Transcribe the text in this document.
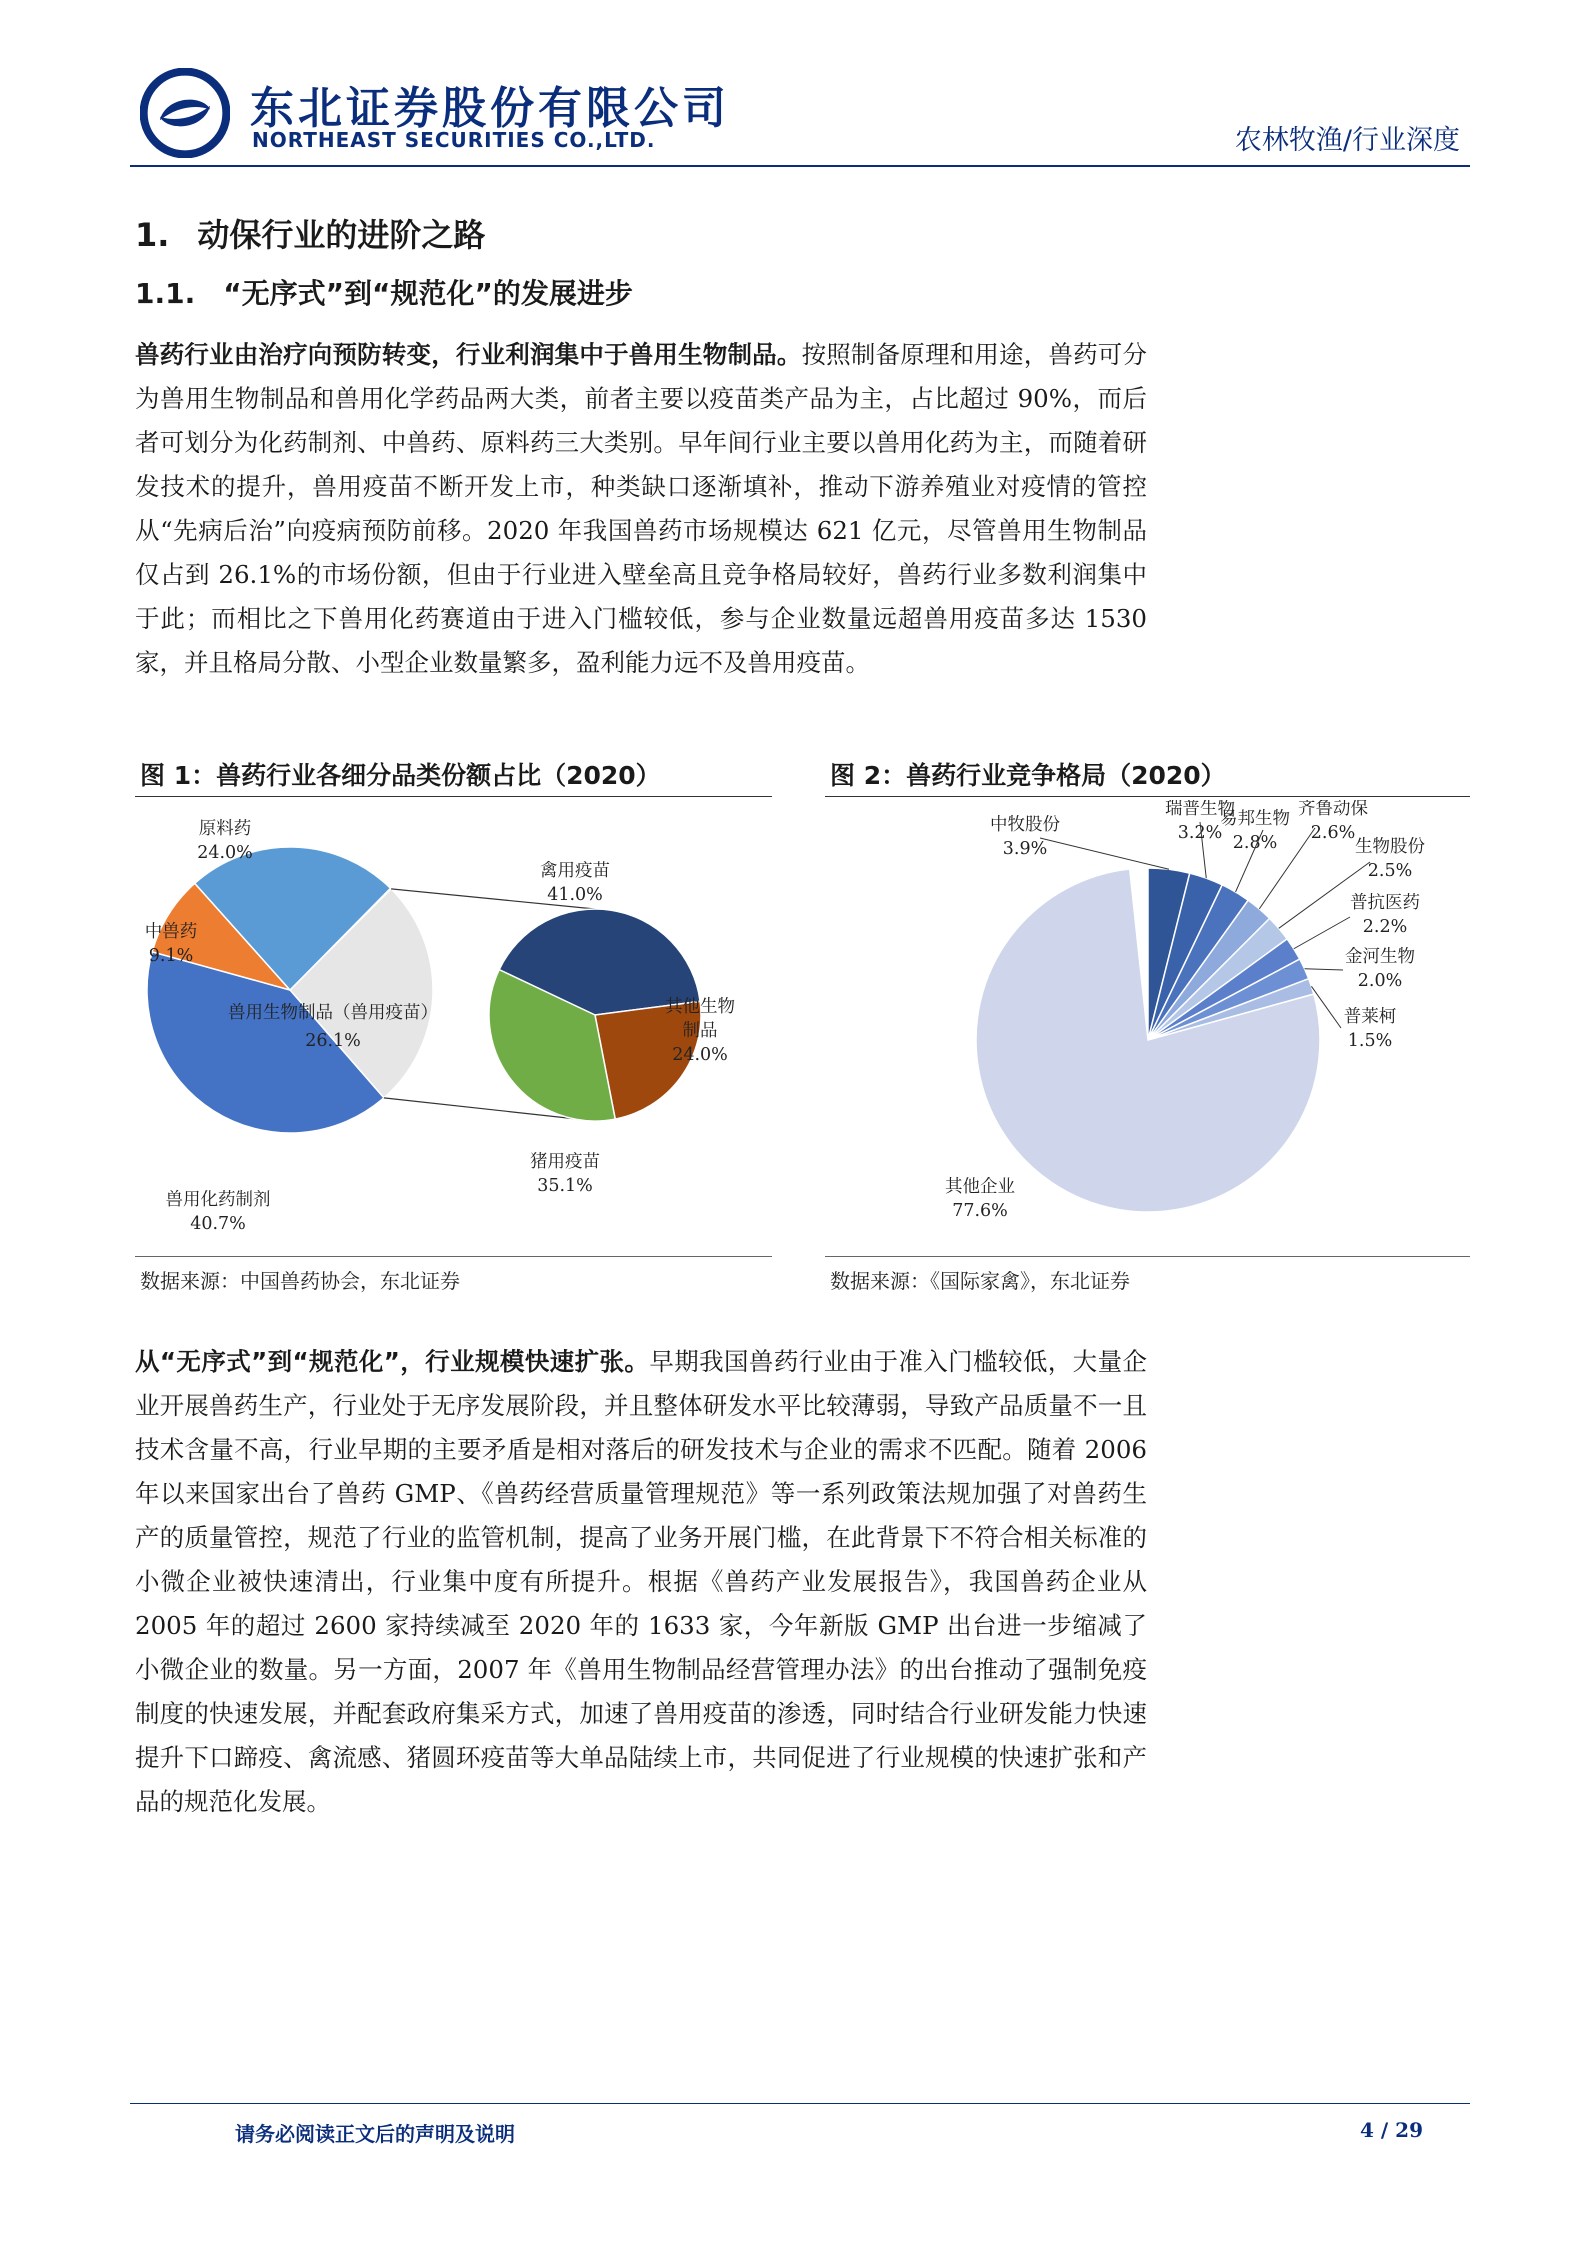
东北证券股份有限公司
NORTHEAST SECURITIES CO.,LTD.	农林牧渔/行业深度
1. 动保行业的进阶之路
1.1. “无序式”到“规范化”的发展进步
兽药行业由治疗向预防转变，行业利润集中于兽用生物制品。按照制备原理和用途，兽药可分为兽用生物制品和兽用化学药品两大类，前者主要以疫苗类产品为主，占比超过 90%，而后者可划分为化药制剂、中兽药、原料药三大类别。早年间行业主要以兽用化药为主，而随着研发技术的提升，兽用疫苗不断开发上市，种类缺口逐渐填补，推动下游养殖业对疫情的管控从“先病后治”向疫病预防前移。2020 年我国兽药市场规模达 621 亿元，尽管兽用生物制品仅占到 26.1%的市场份额，但由于行业进入壁垒高且竞争格局较好，兽药行业多数利润集中于此；而相比之下兽用化药赛道由于进入门槛较低，参与企业数量远超兽用疫苗多达 1530 家，并且格局分散、小型企业数量繁多，盈利能力远不及兽用疫苗。
图 1：兽药行业各细分品类份额占比（2020）
原料药
24.0%
中兽药
9.1%
兽用化药制剂
40.7%
兽用生物制品（兽用疫苗）
26.1%
禽用疫苗
41.0%
其他生物
制品
24.0%
猪用疫苗
35.1%
数据来源：中国兽药协会，东北证券
图 2：兽药行业竞争格局（2020）
中牧股份
3.9%
瑞普生物
3.2%
易邦生物
2.8%
齐鲁动保
2.6%
生物股份
2.5%
普抗医药
2.2%
金河生物
2.0%
普莱柯
1.5%
其他企业
77.6%
数据来源：《国际家禽》，东北证券
从“无序式”到“规范化”，行业规模快速扩张。早期我国兽药行业由于准入门槛较低，大量企业开展兽药生产，行业处于无序发展阶段，并且整体研发水平比较薄弱，导致产品质量不一且技术含量不高，行业早期的主要矛盾是相对落后的研发技术与企业的需求不匹配。随着 2006 年以来国家出台了兽药 GMP、《兽药经营质量管理规范》等一系列政策法规加强了对兽药生产的质量管控，规范了行业的监管机制，提高了业务开展门槛，在此背景下不符合相关标准的小微企业被快速清出，行业集中度有所提升。根据《兽药产业发展报告》，我国兽药企业从 2005 年的超过 2600 家持续减至 2020 年的 1633 家，今年新版 GMP 出台进一步缩减了小微企业的数量。另一方面，2007 年《兽用生物制品经营管理办法》的出台推动了强制免疫制度的快速发展，并配套政府集采方式，加速了兽用疫苗的渗透，同时结合行业研发能力快速提升下口蹄疫、禽流感、猪圆环疫苗等大单品陆续上市，共同促进了行业规模的快速扩张和产品的规范化发展。
请务必阅读正文后的声明及说明	4 / 29
